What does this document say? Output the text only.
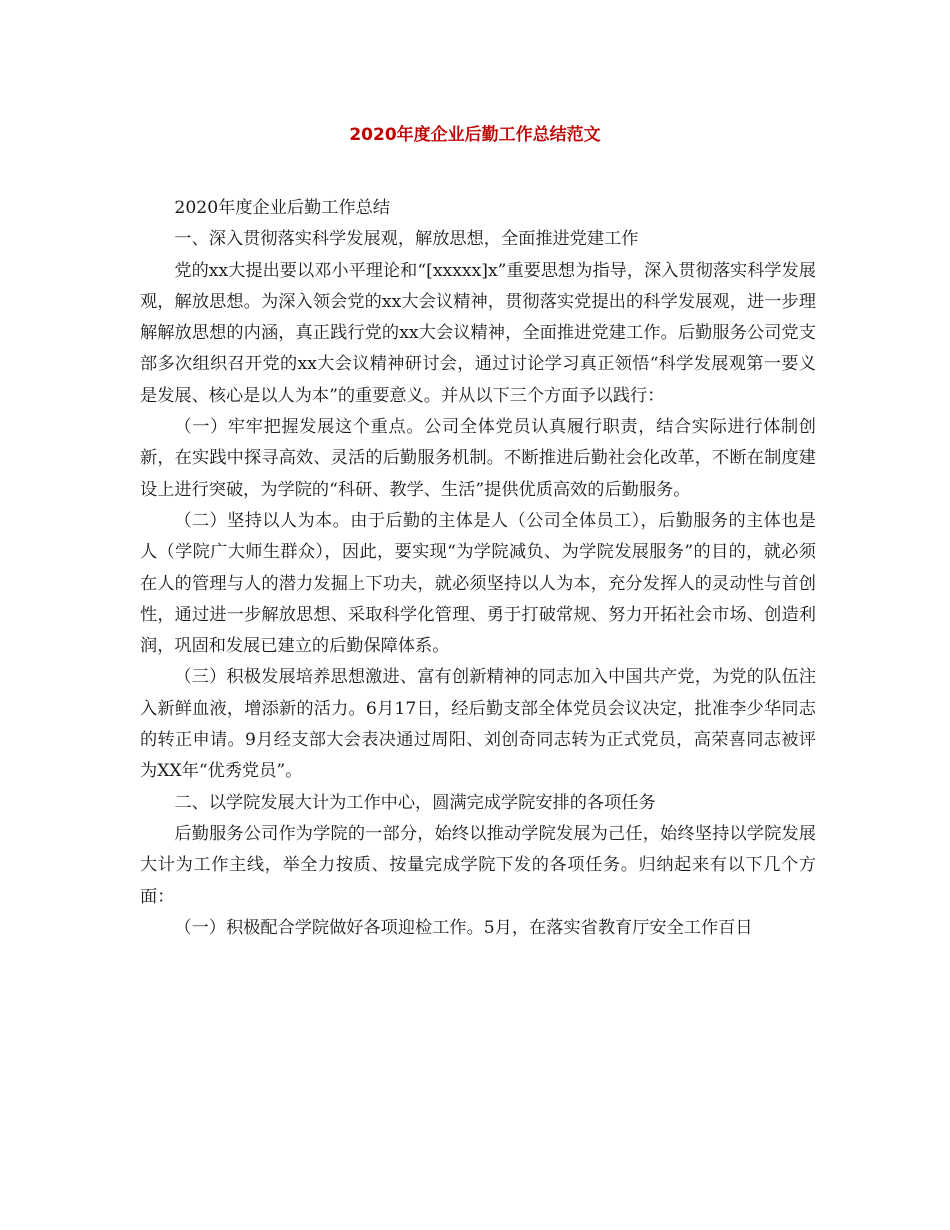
2020年度企业后勤工作总结范文

2020年度企业后勤工作总结

一、深入贯彻落实科学发展观，解放思想，全面推进党建工作

党的xx大提出要以邓小平理论和“[xxxxx]x”重要思想为指导，深入贯彻落实科学发展观，解放思想。为深入领会党的xx大会议精神，贯彻落实党提出的科学发展观，进一步理解解放思想的内涵，真正践行党的xx大会议精神，全面推进党建工作。后勤服务公司党支部多次组织召开党的xx大会议精神研讨会，通过讨论学习真正领悟“科学发展观第一要义是发展、核心是以人为本”的重要意义。并从以下三个方面予以践行：

（一）牢牢把握发展这个重点。公司全体党员认真履行职责，结合实际进行体制创新，在实践中探寻高效、灵活的后勤服务机制。不断推进后勤社会化改革，不断在制度建设上进行突破，为学院的“科研、教学、生活”提供优质高效的后勤服务。

（二）坚持以人为本。由于后勤的主体是人（公司全体员工），后勤服务的主体也是人（学院广大师生群众），因此，要实现“为学院减负、为学院发展服务”的目的，就必须在人的管理与人的潜力发掘上下功夫，就必须坚持以人为本，充分发挥人的灵动性与首创性，通过进一步解放思想、采取科学化管理、勇于打破常规、努力开拓社会市场、创造利润，巩固和发展已建立的后勤保障体系。

（三）积极发展培养思想激进、富有创新精神的同志加入中国共产党，为党的队伍注入新鲜血液，增添新的活力。6月17日，经后勤支部全体党员会议决定，批准李少华同志的转正申请。9月经支部大会表决通过周阳、刘创奇同志转为正式党员，高荣喜同志被评为XX年“优秀党员”。

二、以学院发展大计为工作中心，圆满完成学院安排的各项任务

后勤服务公司作为学院的一部分，始终以推动学院发展为己任，始终坚持以学院发展大计为工作主线，举全力按质、按量完成学院下发的各项任务。归纳起来有以下几个方面：

（一）积极配合学院做好各项迎检工作。5月，在落实省教育厅安全工作百日
